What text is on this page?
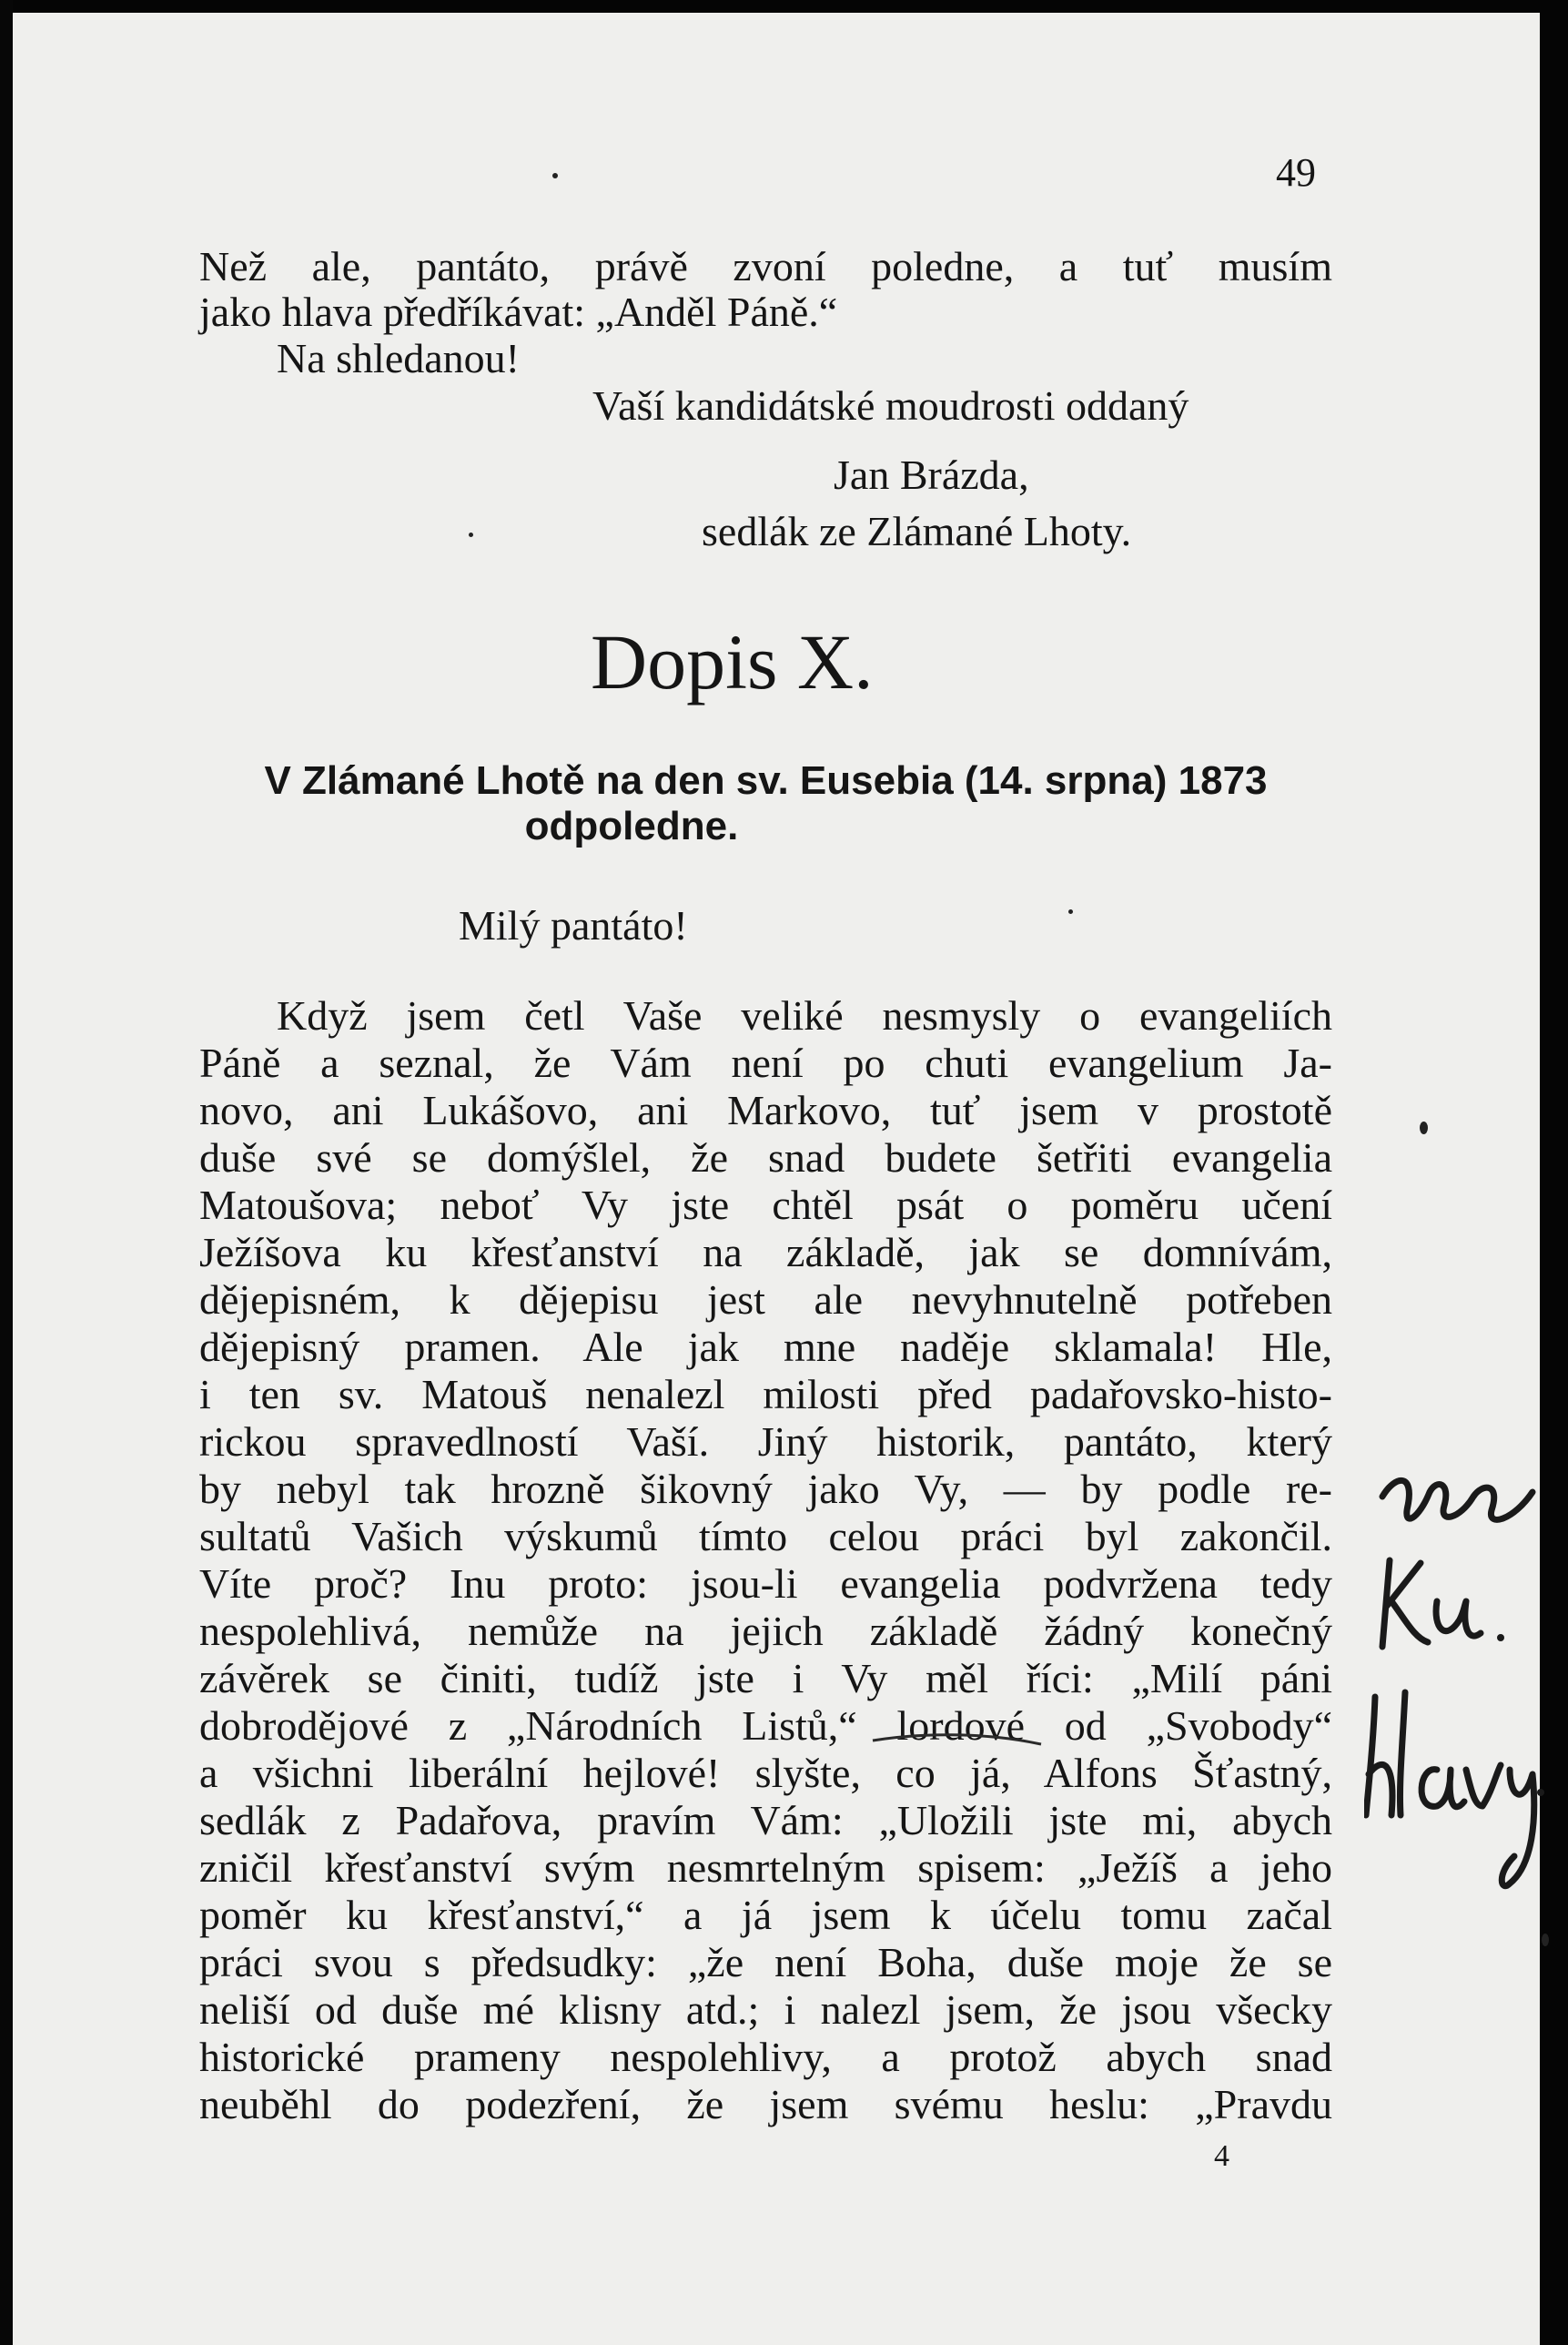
49
Než ale, pantáto, právě zvoní poledne, a tuť musím
jako hlava předříkávat: „Anděl Páně.“
Na shledanou!
Vaší kandidátské moudrosti oddaný
Jan Brázda,
sedlák ze Zlámané Lhoty.
Dopis X.
V Zlámané Lhotě na den sv. Eusebia (14. srpna) 1873
odpoledne.
Milý pantáto!
Když jsem četl Vaše veliké nesmysly o evangeliích
Páně a seznal, že Vám není po chuti evangelium Ja-
novo, ani Lukášovo, ani Markovo, tuť jsem v prostotě
duše své se domýšlel, že snad budete šetřiti evangelia
Matoušova; neboť Vy jste chtěl psát o poměru učení
Ježíšova ku křesťanství na základě, jak se domnívám,
dějepisném, k dějepisu jest ale nevyhnutelně potřeben
dějepisný pramen. Ale jak mne naděje sklamala! Hle,
i ten sv. Matouš nenalezl milosti před padařovsko-histo-
rickou spravedlností Vaší. Jiný historik, pantáto, který
by nebyl tak hrozně šikovný jako Vy, — by podle re-
sultatů Vašich výskumů tímto celou práci byl zakončil.
Víte proč? Inu proto: jsou-li evangelia podvržena tedy
nespolehlivá, nemůže na jejich základě žádný konečný
závěrek se činiti, tudíž jste i Vy měl říci: „Milí páni
dobrodějové z „Národních Listů,“ lordové od „Svobody“
a všichni liberální hejlové! slyšte, co já, Alfons Šťastný,
sedlák z Padařova, pravím Vám: „Uložili jste mi, abych
zničil křesťanství svým nesmrtelným spisem: „Ježíš a jeho
poměr ku křesťanství,“ a já jsem k účelu tomu začal
práci svou s předsudky: „že není Boha, duše moje že se
neliší od duše mé klisny atd.; i nalezl jsem, že jsou všecky
historické prameny nespolehlivy, a protož abych snad
neuběhl do podezření, že jsem svému heslu: „Pravdu
4
